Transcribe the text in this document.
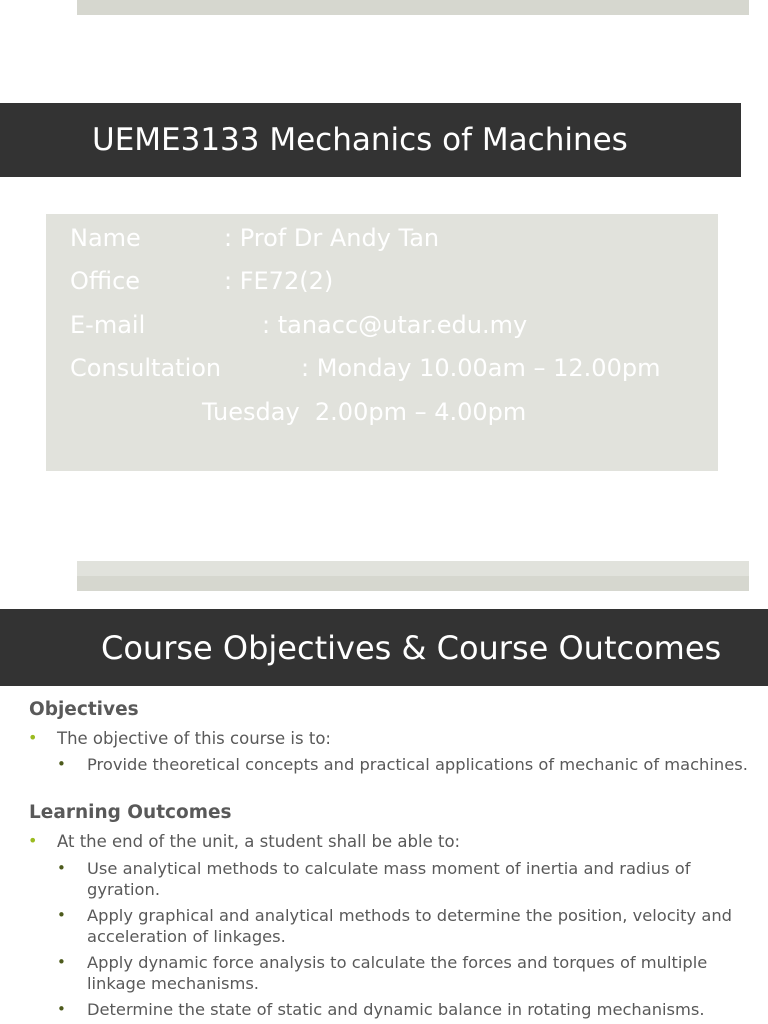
UEME3133 Mechanics of Machines
Name	: Prof Dr Andy Tan
Office	: FE72(2)
E-mail	: tanacc@utar.edu.my
Consultation	: Monday 10.00am – 12.00pm
Tuesday  2.00pm – 4.00pm
Course Objectives & Course Outcomes
Objectives
• The objective of this course is to:
• Provide theoretical concepts and practical applications of mechanic of machines.
Learning Outcomes
• At the end of the unit, a student shall be able to:
• Use analytical methods to calculate mass moment of inertia and radius of gyration.
• Apply graphical and analytical methods to determine the position, velocity and acceleration of linkages.
• Apply dynamic force analysis to calculate the forces and torques of multiple linkage mechanisms.
• Determine the state of static and dynamic balance in rotating mechanisms.
